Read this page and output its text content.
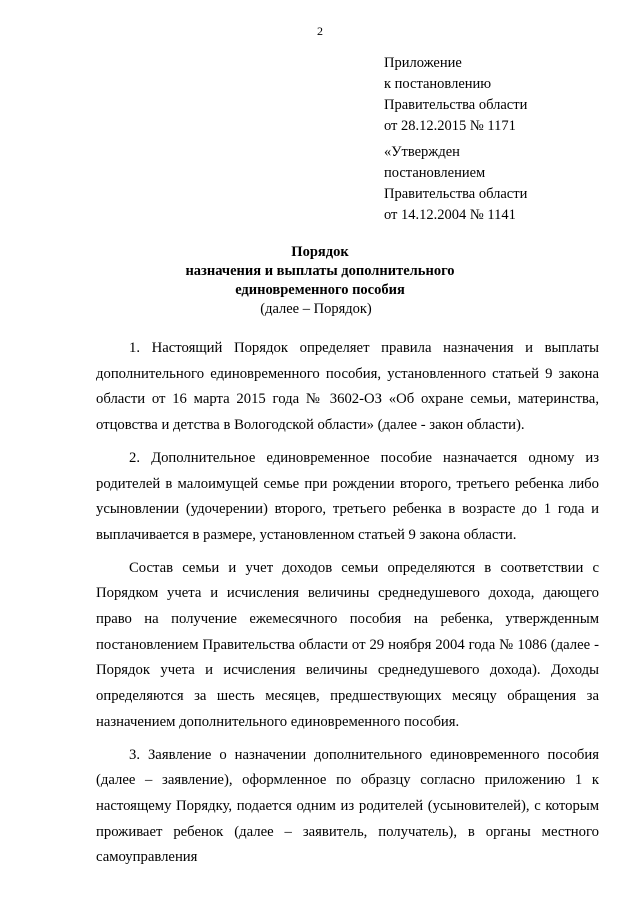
2
Приложение
к постановлению
Правительства области
от 28.12.2015 № 1171
«Утвержден
постановлением
Правительства области
от 14.12.2004 № 1141
Порядок
назначения и выплаты дополнительного
единовременного пособия
(далее – Порядок)

1. Настоящий Порядок определяет правила назначения и выплаты дополнительного единовременного пособия, установленного статьей 9 закона области от 16 марта 2015 года № 3602-ОЗ «Об охране семьи, материнства, отцовства и детства в Вологодской области» (далее - закон области).

2. Дополнительное единовременное пособие назначается одному из родителей в малоимущей семье при рождении второго, третьего ребенка либо усыновлении (удочерении) второго, третьего ребенка в возрасте до 1 года и выплачивается в размере, установленном статьей 9 закона области.

Состав семьи и учет доходов семьи определяются в соответствии с Порядком учета и исчисления величины среднедушевого дохода, дающего право на получение ежемесячного пособия на ребенка, утвержденным постановлением Правительства области от 29 ноября 2004 года № 1086 (далее - Порядок учета и исчисления величины среднедушевого дохода). Доходы определяются за шесть месяцев, предшествующих месяцу обращения за назначением дополнительного единовременного пособия.

3. Заявление о назначении дополнительного единовременного пособия (далее – заявление), оформленное по образцу согласно приложению 1 к настоящему Порядку, подается одним из родителей (усыновителей), с которым проживает ребенок (далее – заявитель, получатель), в органы местного самоуправления
